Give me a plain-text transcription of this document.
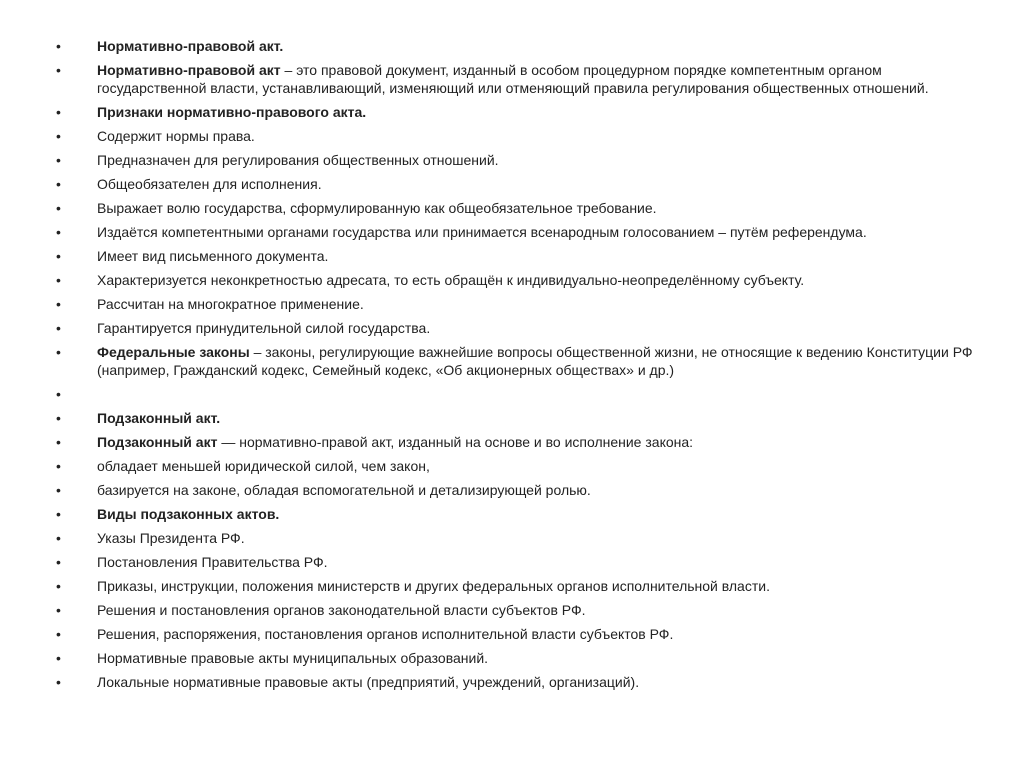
•	Нормативно-правовой акт.
•	Нормативно-правовой акт – это правовой документ, изданный в особом процедурном порядке компетентным органом государственной власти, устанавливающий, изменяющий или отменяющий правила регулирования общественных отношений.
•	Признаки нормативно-правового акта.
•	Содержит нормы права.
•	Предназначен для регулирования общественных отношений.
•	Общеобязателен для исполнения.
•	Выражает волю государства, сформулированную как общеобязательное требование.
•	Издаётся компетентными органами государства или принимается всенародным голосованием – путём референдума.
•	Имеет вид письменного документа.
•	Характеризуется неконкретностью адресата, то есть обращён к индивидуально-неопределённому субъекту.
•	Рассчитан на многократное применение.
•	Гарантируется принудительной силой государства.
•	Федеральные законы – законы, регулирующие важнейшие вопросы общественной жизни, не относящие к ведению Конституции РФ (например, Гражданский кодекс, Семейный кодекс, «Об акционерных обществах» и др.)
•
•	Подзаконный акт.
•	Подзаконный акт — нормативно-правой акт, изданный на основе и во исполнение закона:
•	обладает меньшей юридической силой, чем закон,
•	базируется на законе, обладая вспомогательной и детализирующей ролью.
•	Виды подзаконных актов.
•	Указы Президента РФ.
•	Постановления Правительства РФ.
•	Приказы, инструкции, положения министерств и других федеральных органов исполнительной власти.
•	Решения и постановления органов законодательной власти субъектов РФ.
•	Решения, распоряжения, постановления органов исполнительной власти субъектов РФ.
•	Нормативные правовые акты муниципальных образований.
•	Локальные нормативные правовые акты (предприятий, учреждений, организаций).
